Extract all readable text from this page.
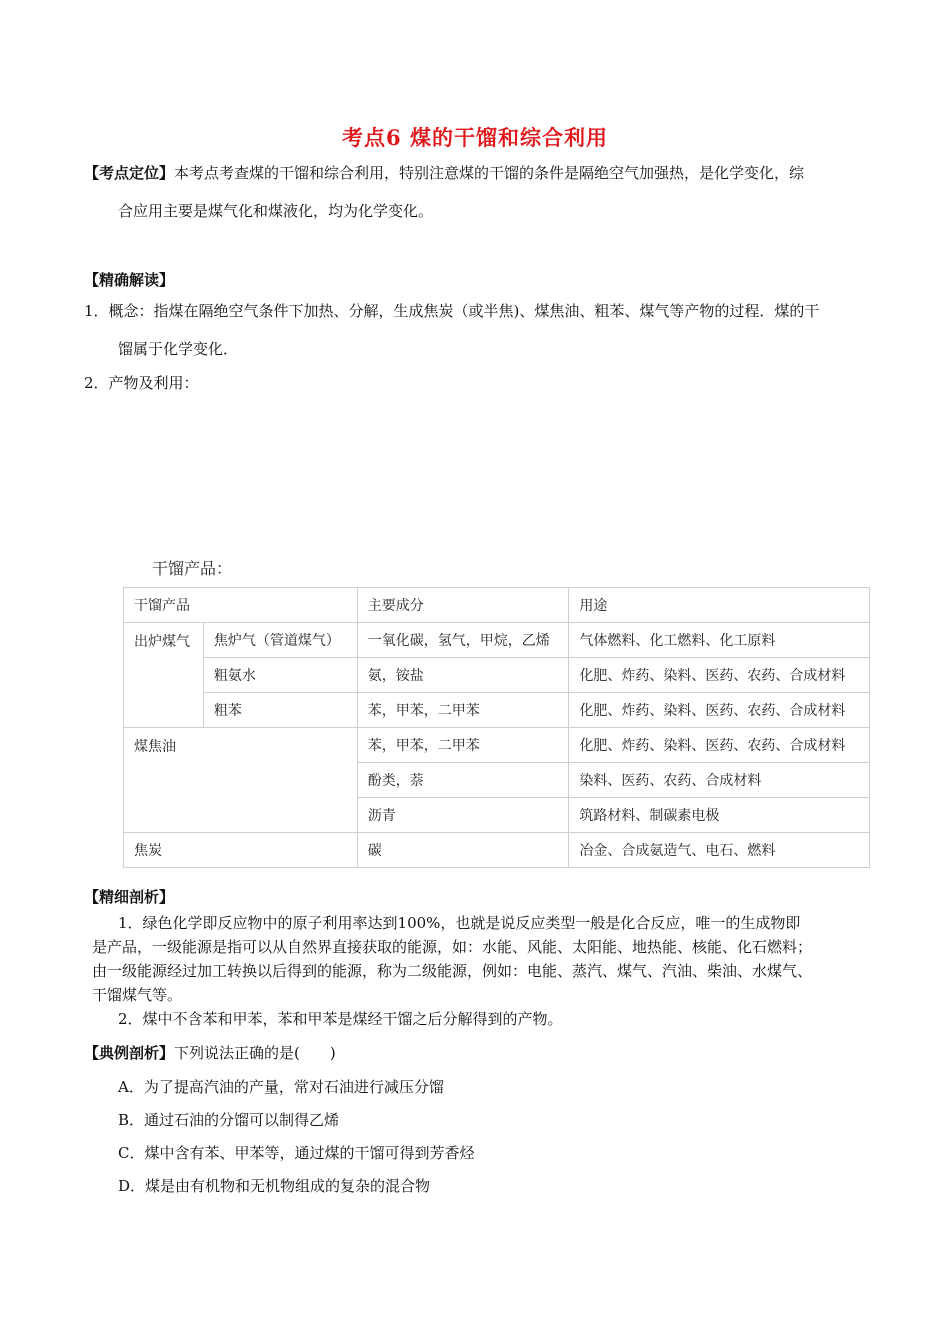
考点6 煤的干馏和综合利用
【考点定位】本考点考查煤的干馏和综合利用，特别注意煤的干馏的条件是隔绝空气加强热，是化学变化，综
合应用主要是煤气化和煤液化，均为化学变化。
【精确解读】
1．概念：指煤在隔绝空气条件下加热、分解，生成焦炭（或半焦)、煤焦油、粗苯、煤气等产物的过程．煤的干
馏属于化学变化．
2．产物及利用：
干馏产品：
干馏产品		主要成分	用途
出炉煤气	焦炉气（管道煤气）	一氧化碳，氢气，甲烷，乙烯	气体燃料、化工燃料、化工原料
	粗氨水	氨，铵盐	化肥、炸药、染料、医药、农药、合成材料
	粗苯	苯，甲苯，二甲苯	化肥、炸药、染料、医药、农药、合成材料
煤焦油		苯，甲苯，二甲苯	化肥、炸药、染料、医药、农药、合成材料
		酚类，萘	染料、医药、农药、合成材料
		沥青	筑路材料、制碳素电极
焦炭		碳	冶金、合成氨造气、电石、燃料
【精细剖析】
1．绿色化学即反应物中的原子利用率达到100%，也就是说反应类型一般是化合反应，唯一的生成物即
是产品，一级能源是指可以从自然界直接获取的能源，如：水能、风能、太阳能、地热能、核能、化石燃料；
由一级能源经过加工转换以后得到的能源，称为二级能源，例如：电能、蒸汽、煤气、汽油、柴油、水煤气、
干馏煤气等。
2．煤中不含苯和甲苯，苯和甲苯是煤经干馏之后分解得到的产物。
【典例剖析】下列说法正确的是(　　)
A．为了提高汽油的产量，常对石油进行减压分馏
B．通过石油的分馏可以制得乙烯
C．煤中含有苯、甲苯等，通过煤的干馏可得到芳香烃
D．煤是由有机物和无机物组成的复杂的混合物
